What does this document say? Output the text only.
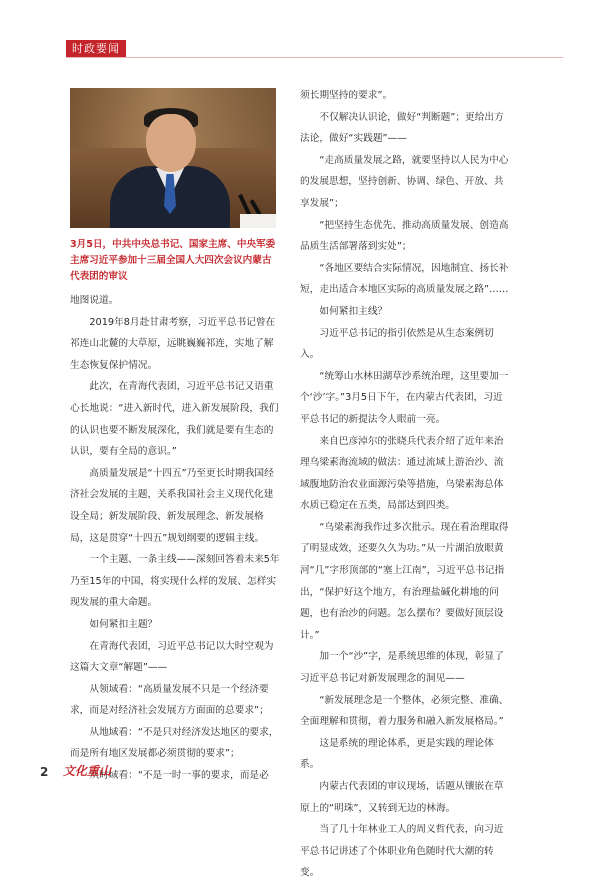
时政要闻
3月5日，中共中央总书记、国家主席、中央军委主席习近平参加十三届全国人大四次会议内蒙古代表团的审议

地图说道。

2019年8月赴甘肃考察，习近平总书记曾在祁连山北麓的大草原，远眺巍巍祁连，实地了解生态恢复保护情况。

此次，在青海代表团，习近平总书记又语重心长地说：“进入新时代，进入新发展阶段，我们的认识也要不断发展深化，我们就是要有生态的认识，要有全局的意识。”

高质量发展是“十四五”乃至更长时期我国经济社会发展的主题，关系我国社会主义现代化建设全局；新发展阶段、新发展理念、新发展格局，这是贯穿“十四五”规划纲要的逻辑主线。

一个主题、一条主线——深刻回答着未来5年乃至15年的中国，将实现什么样的发展、怎样实现发展的重大命题。

如何紧扣主题？

在青海代表团，习近平总书记以大时空观为这篇大文章“解题”——

从领域看：“高质量发展不只是一个经济要求，而是对经济社会发展方方面面的总要求”；

从地域看：“不是只对经济发达地区的要求，而是所有地区发展都必须贯彻的要求”；

从时域看：“不是一时一事的要求，而是必

须长期坚持的要求”。

不仅解决认识论，做好“判断题”；更给出方法论，做好“实践题”——

“走高质量发展之路，就要坚持以人民为中心的发展思想，坚持创新、协调、绿色、开放、共享发展”；

“把坚持生态优先、推动高质量发展、创造高品质生活部署落到实处”；

“各地区要结合实际情况，因地制宜、扬长补短，走出适合本地区实际的高质量发展之路”……

如何紧扣主线？

习近平总书记的指引依然是从生态案例切入。

“统筹山水林田湖草沙系统治理，这里要加一个‘沙’字。”3月5日下午，在内蒙古代表团，习近平总书记的新提法令人眼前一亮。

来自巴彦淖尔的张晓兵代表介绍了近年来治理乌梁素海流域的做法：通过流域上游治沙、流域腹地防治农业面源污染等措施，乌梁素海总体水质已稳定在五类，局部达到四类。

“乌梁素海我作过多次批示。现在看治理取得了明显成效，还要久久为功。”从一片湖泊放眼黄河“几”字形顶部的“塞上江南”，习近平总书记指出，“保护好这个地方，有治理盐碱化耕地的问题，也有治沙的问题。怎么摆布？要做好顶层设计。”

加一个“沙”字，是系统思维的体现，彰显了习近平总书记对新发展理念的洞见——

“新发展理念是一个整体，必须完整、准确、全面理解和贯彻，着力服务和融入新发展格局。”

这是系统的理论体系，更是实践的理论体系。

内蒙古代表团的审议现场，话题从镶嵌在草原上的“明珠”，又转到无边的林海。

当了几十年林业工人的周义哲代表，向习近平总书记讲述了个体职业角色随时代大潮的转变。

2 文化重山
